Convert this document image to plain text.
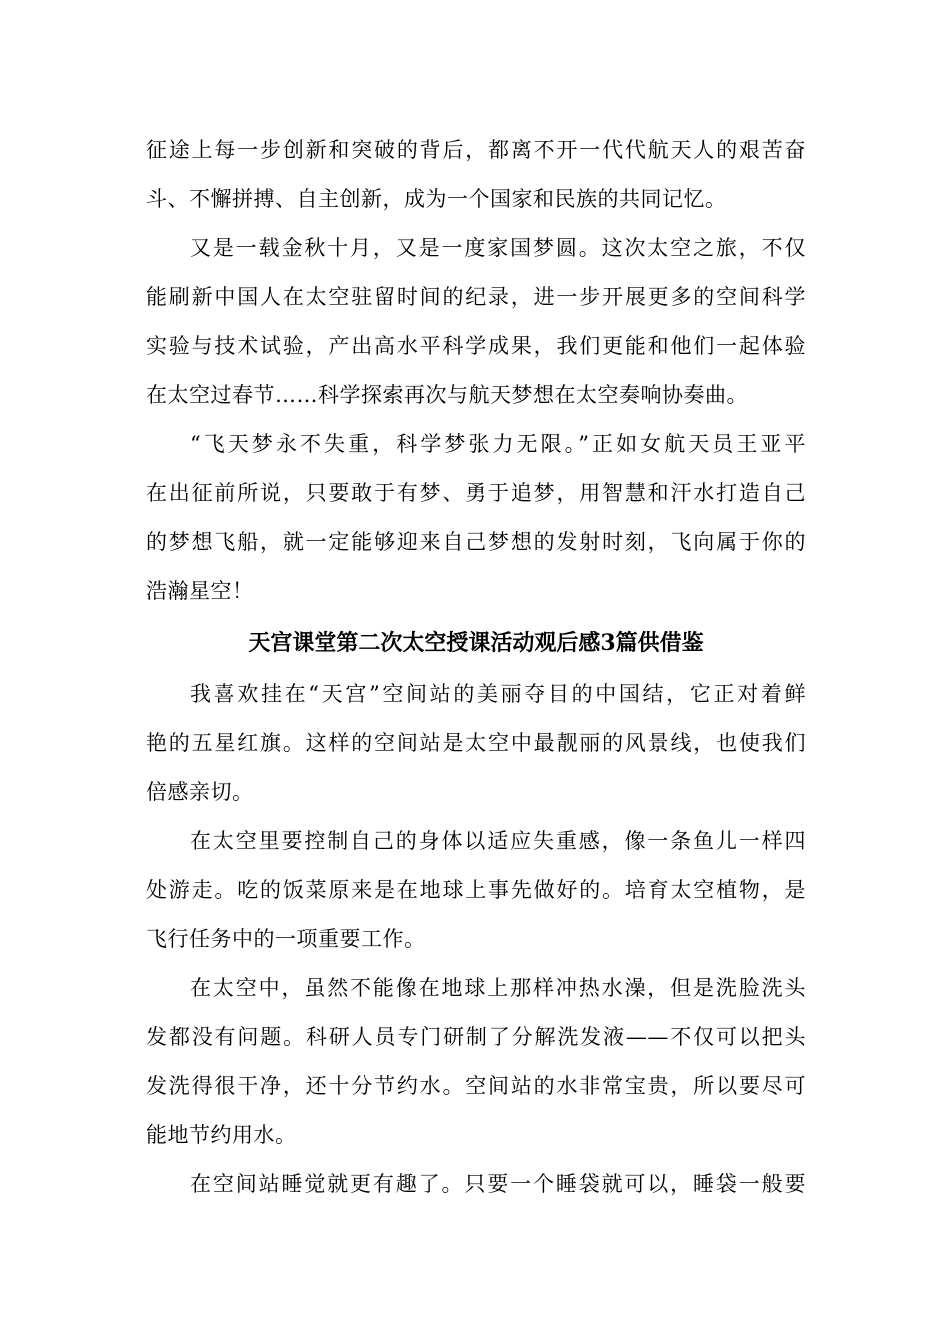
征途上每一步创新和突破的背后，都离不开一代代航天人的艰苦奋
斗、不懈拼搏、自主创新，成为一个国家和民族的共同记忆。
又是一载金秋十月，又是一度家国梦圆。这次太空之旅，不仅
能刷新中国人在太空驻留时间的纪录，进一步开展更多的空间科学
实验与技术试验，产出高水平科学成果，我们更能和他们一起体验
在太空过春节……科学探索再次与航天梦想在太空奏响协奏曲。
“飞天梦永不失重，科学梦张力无限。”正如女航天员王亚平
在出征前所说，只要敢于有梦、勇于追梦，用智慧和汗水打造自己
的梦想飞船，就一定能够迎来自己梦想的发射时刻，飞向属于你的
浩瀚星空！
天宫课堂第二次太空授课活动观后感3篇供借鉴
我喜欢挂在“天宫”空间站的美丽夺目的中国结，它正对着鲜
艳的五星红旗。这样的空间站是太空中最靓丽的风景线，也使我们
倍感亲切。
在太空里要控制自己的身体以适应失重感，像一条鱼儿一样四
处游走。吃的饭菜原来是在地球上事先做好的。培育太空植物，是
飞行任务中的一项重要工作。
在太空中，虽然不能像在地球上那样冲热水澡，但是洗脸洗头
发都没有问题。科研人员专门研制了分解洗发液——不仅可以把头
发洗得很干净，还十分节约水。空间站的水非常宝贵，所以要尽可
能地节约用水。
在空间站睡觉就更有趣了。只要一个睡袋就可以，睡袋一般要
